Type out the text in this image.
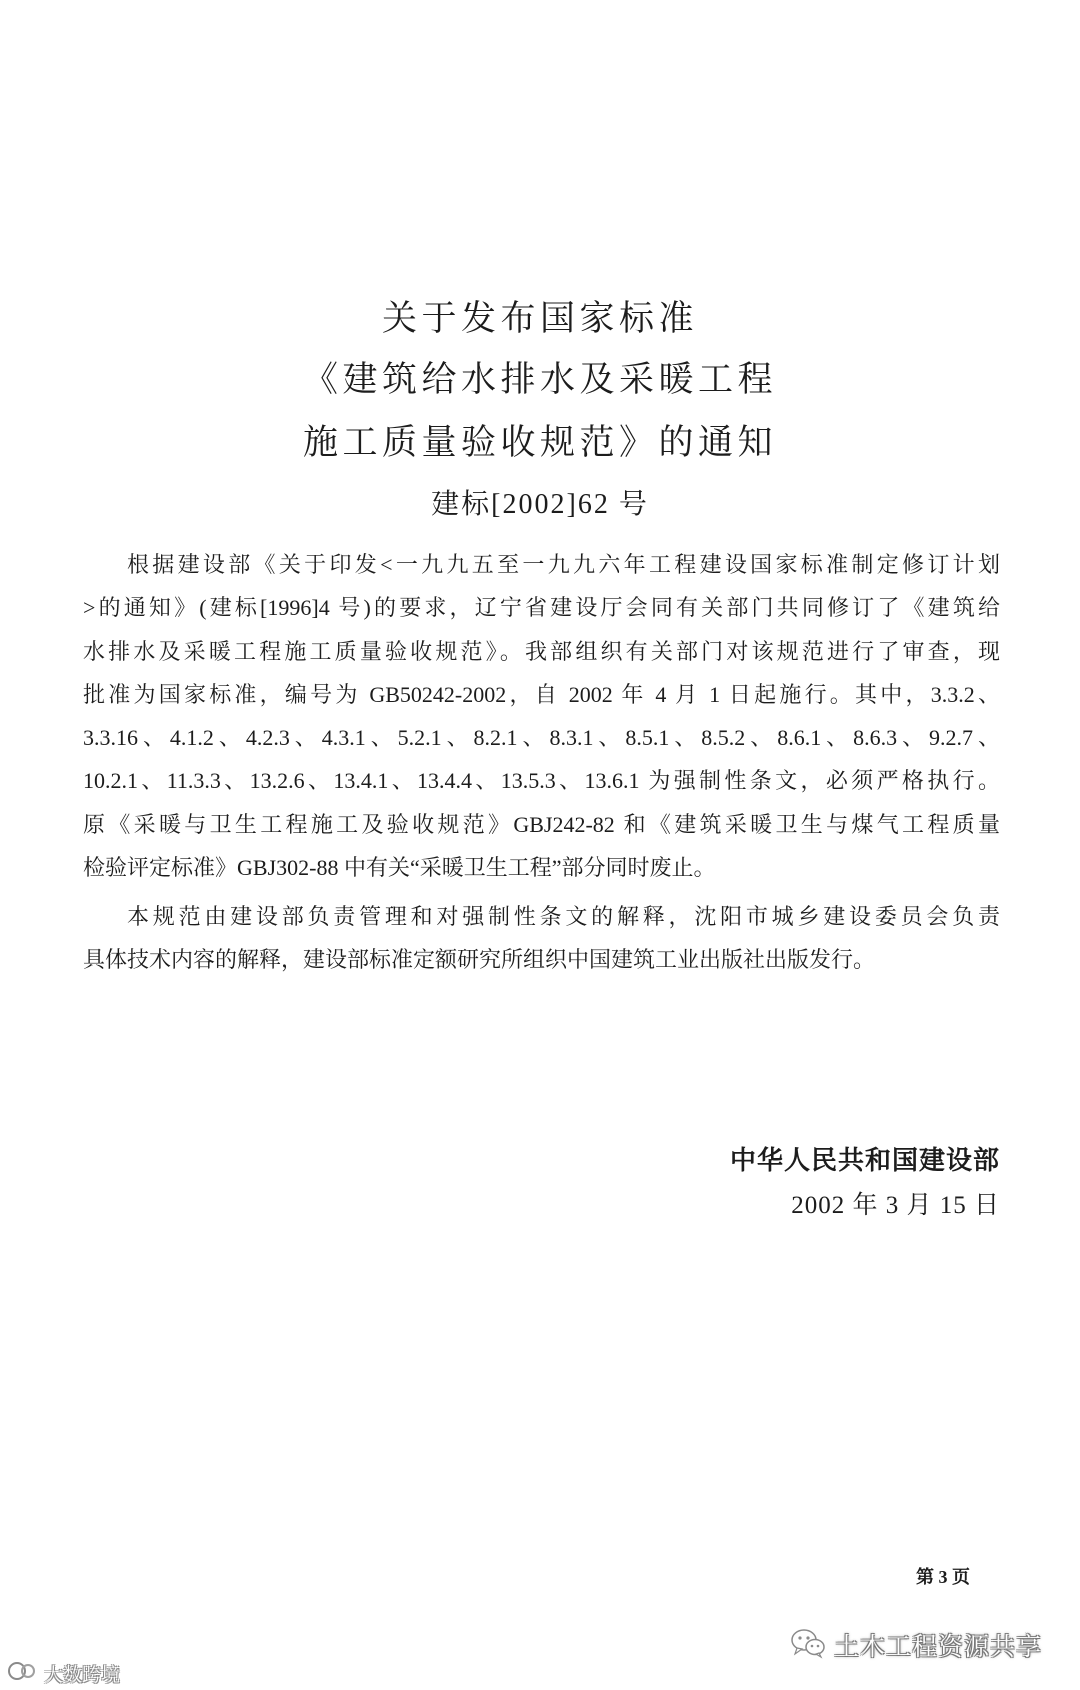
关于发布国家标准
《建筑给水排水及采暖工程
施工质量验收规范》的通知
建标[2002]62 号
根据建设部《关于印发<一九九五至一九九六年工程建设国家标准制定修订计划
>的通知》(建标[1996]4 号)的要求，辽宁省建设厅会同有关部门共同修订了《建筑给
水排水及采暖工程施工质量验收规范》。我部组织有关部门对该规范进行了审查，现
批准为国家标准，编号为 GB50242-2002，自 2002 年 4 月 1 日起施行。其中，3.3.2、
3.3.16、4.1.2、4.2.3、4.3.1、5.2.1、8.2.1、8.3.1、8.5.1、8.5.2、8.6.1、8.6.3、9.2.7、
10.2.1、11.3.3、13.2.6、13.4.1、13.4.4、13.5.3、13.6.1 为强制性条文，必须严格执行。
原《采暖与卫生工程施工及验收规范》GBJ242-82 和《建筑采暖卫生与煤气工程质量
检验评定标准》GBJ302-88 中有关“采暖卫生工程”部分同时废止。
本规范由建设部负责管理和对强制性条文的解释，沈阳市城乡建设委员会负责
具体技术内容的解释，建设部标准定额研究所组织中国建筑工业出版社出版发行。
中华人民共和国建设部
2002 年 3 月 15 日
第 3 页
土木工程资源共享
大数跨境
